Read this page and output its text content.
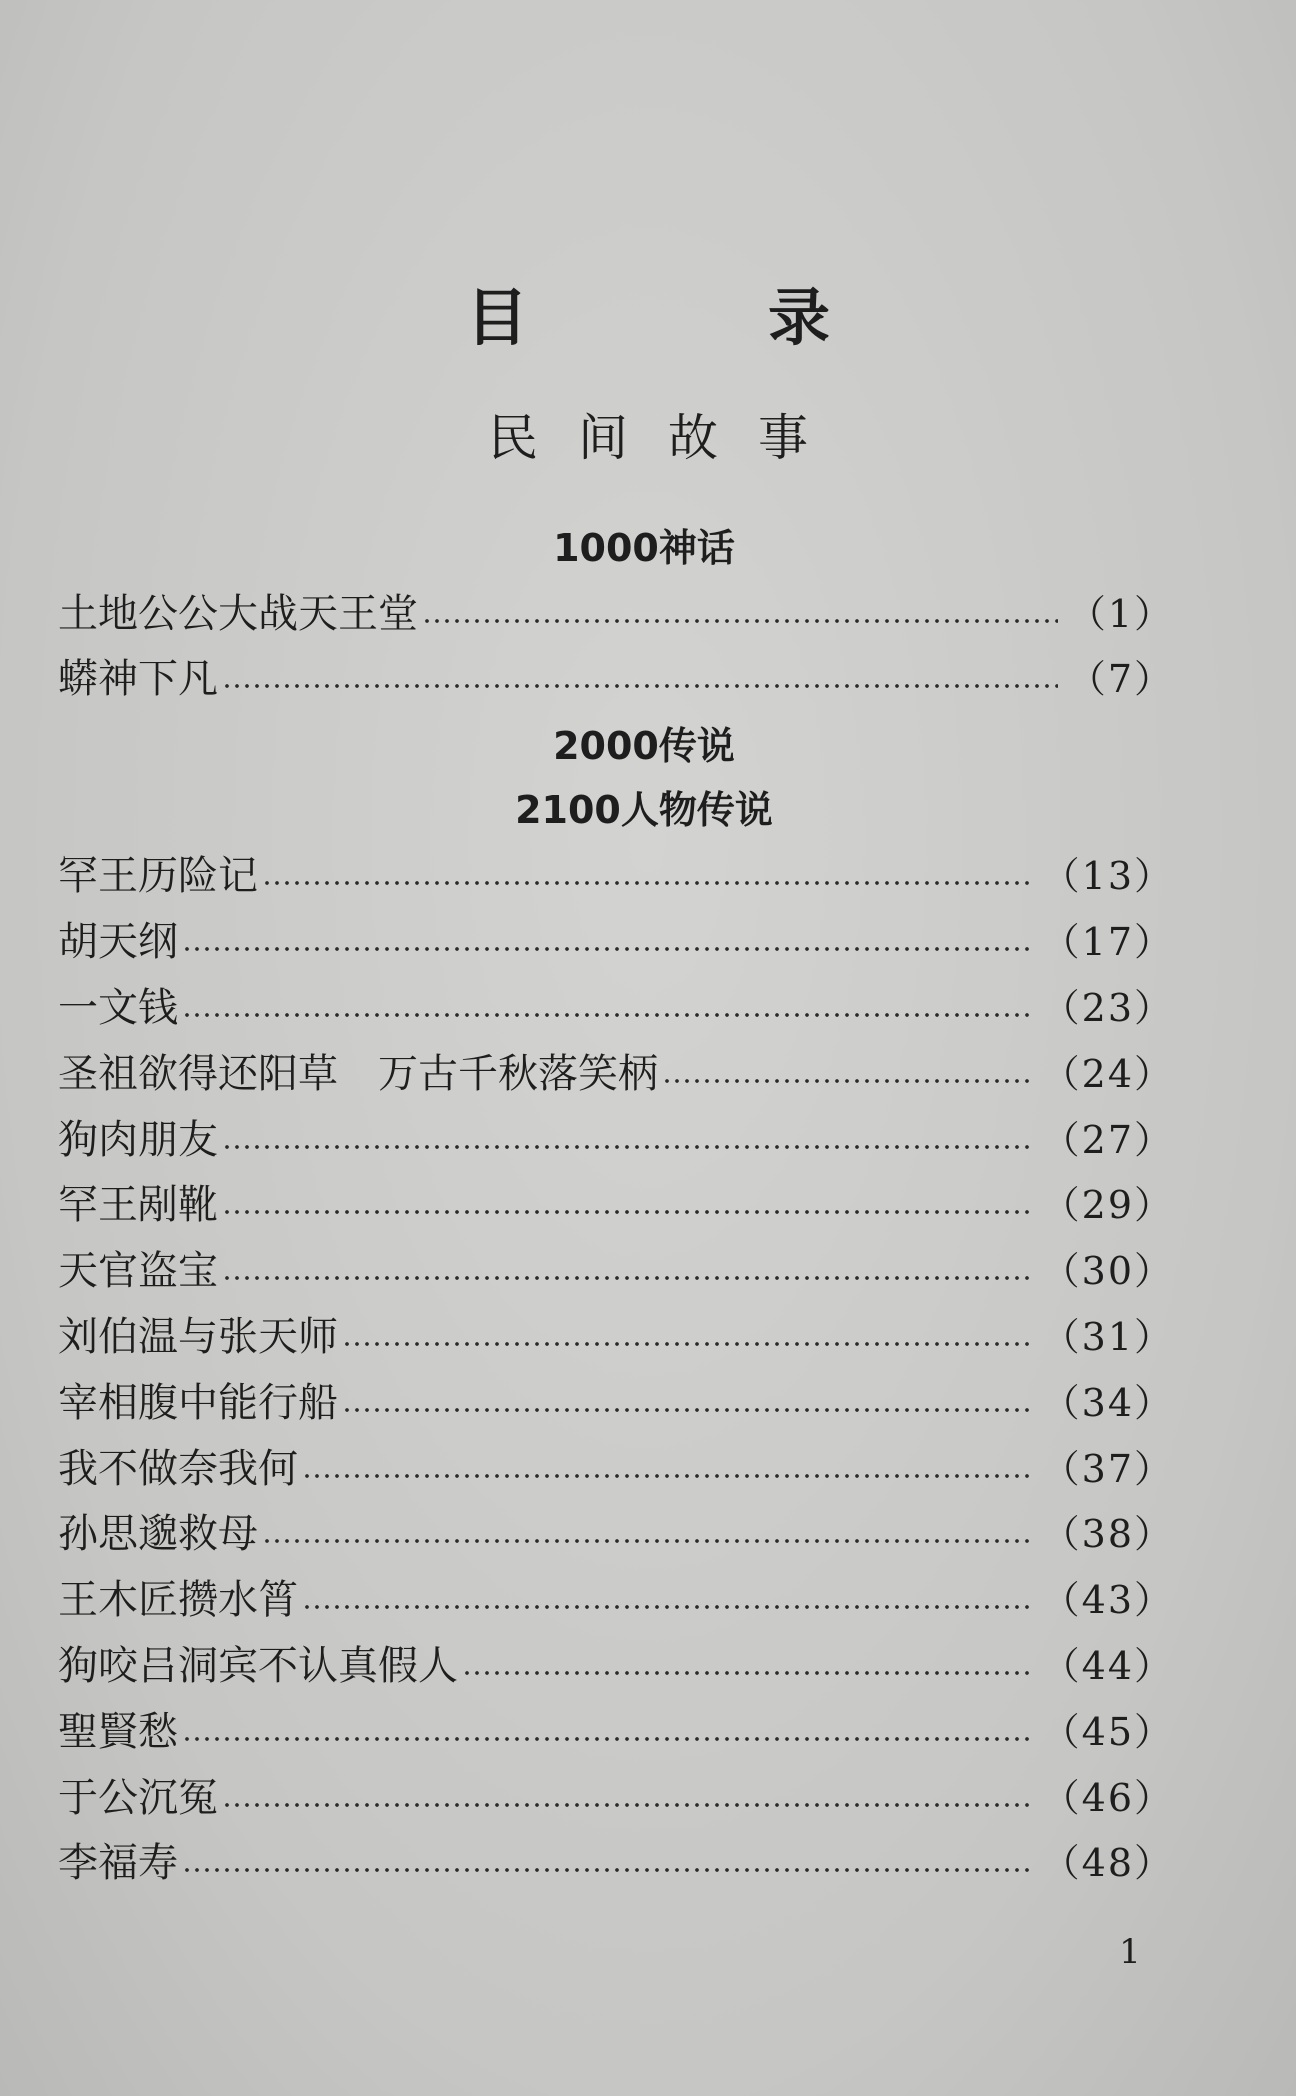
目录
民间故事
1000神话
土地公公大战天王堂	（1）
蟒神下凡	（7）
2000传说
2100人物传说
罕王历险记	（13）
胡天纲	（17）
一文钱	（23）
圣祖欲得还阳草　万古千秋落笑柄	（24）
狗肉朋友	（27）
罕王剐靴	（29）
天官盗宝	（30）
刘伯温与张天师	（31）
宰相腹中能行船	（34）
我不做奈我何	（37）
孙思邈救母	（38）
王木匠攒水筲	（43）
狗咬吕洞宾不认真假人	（44）
聖賢愁	（45）
于公沉冤	（46）
李福寿	（48）
1
